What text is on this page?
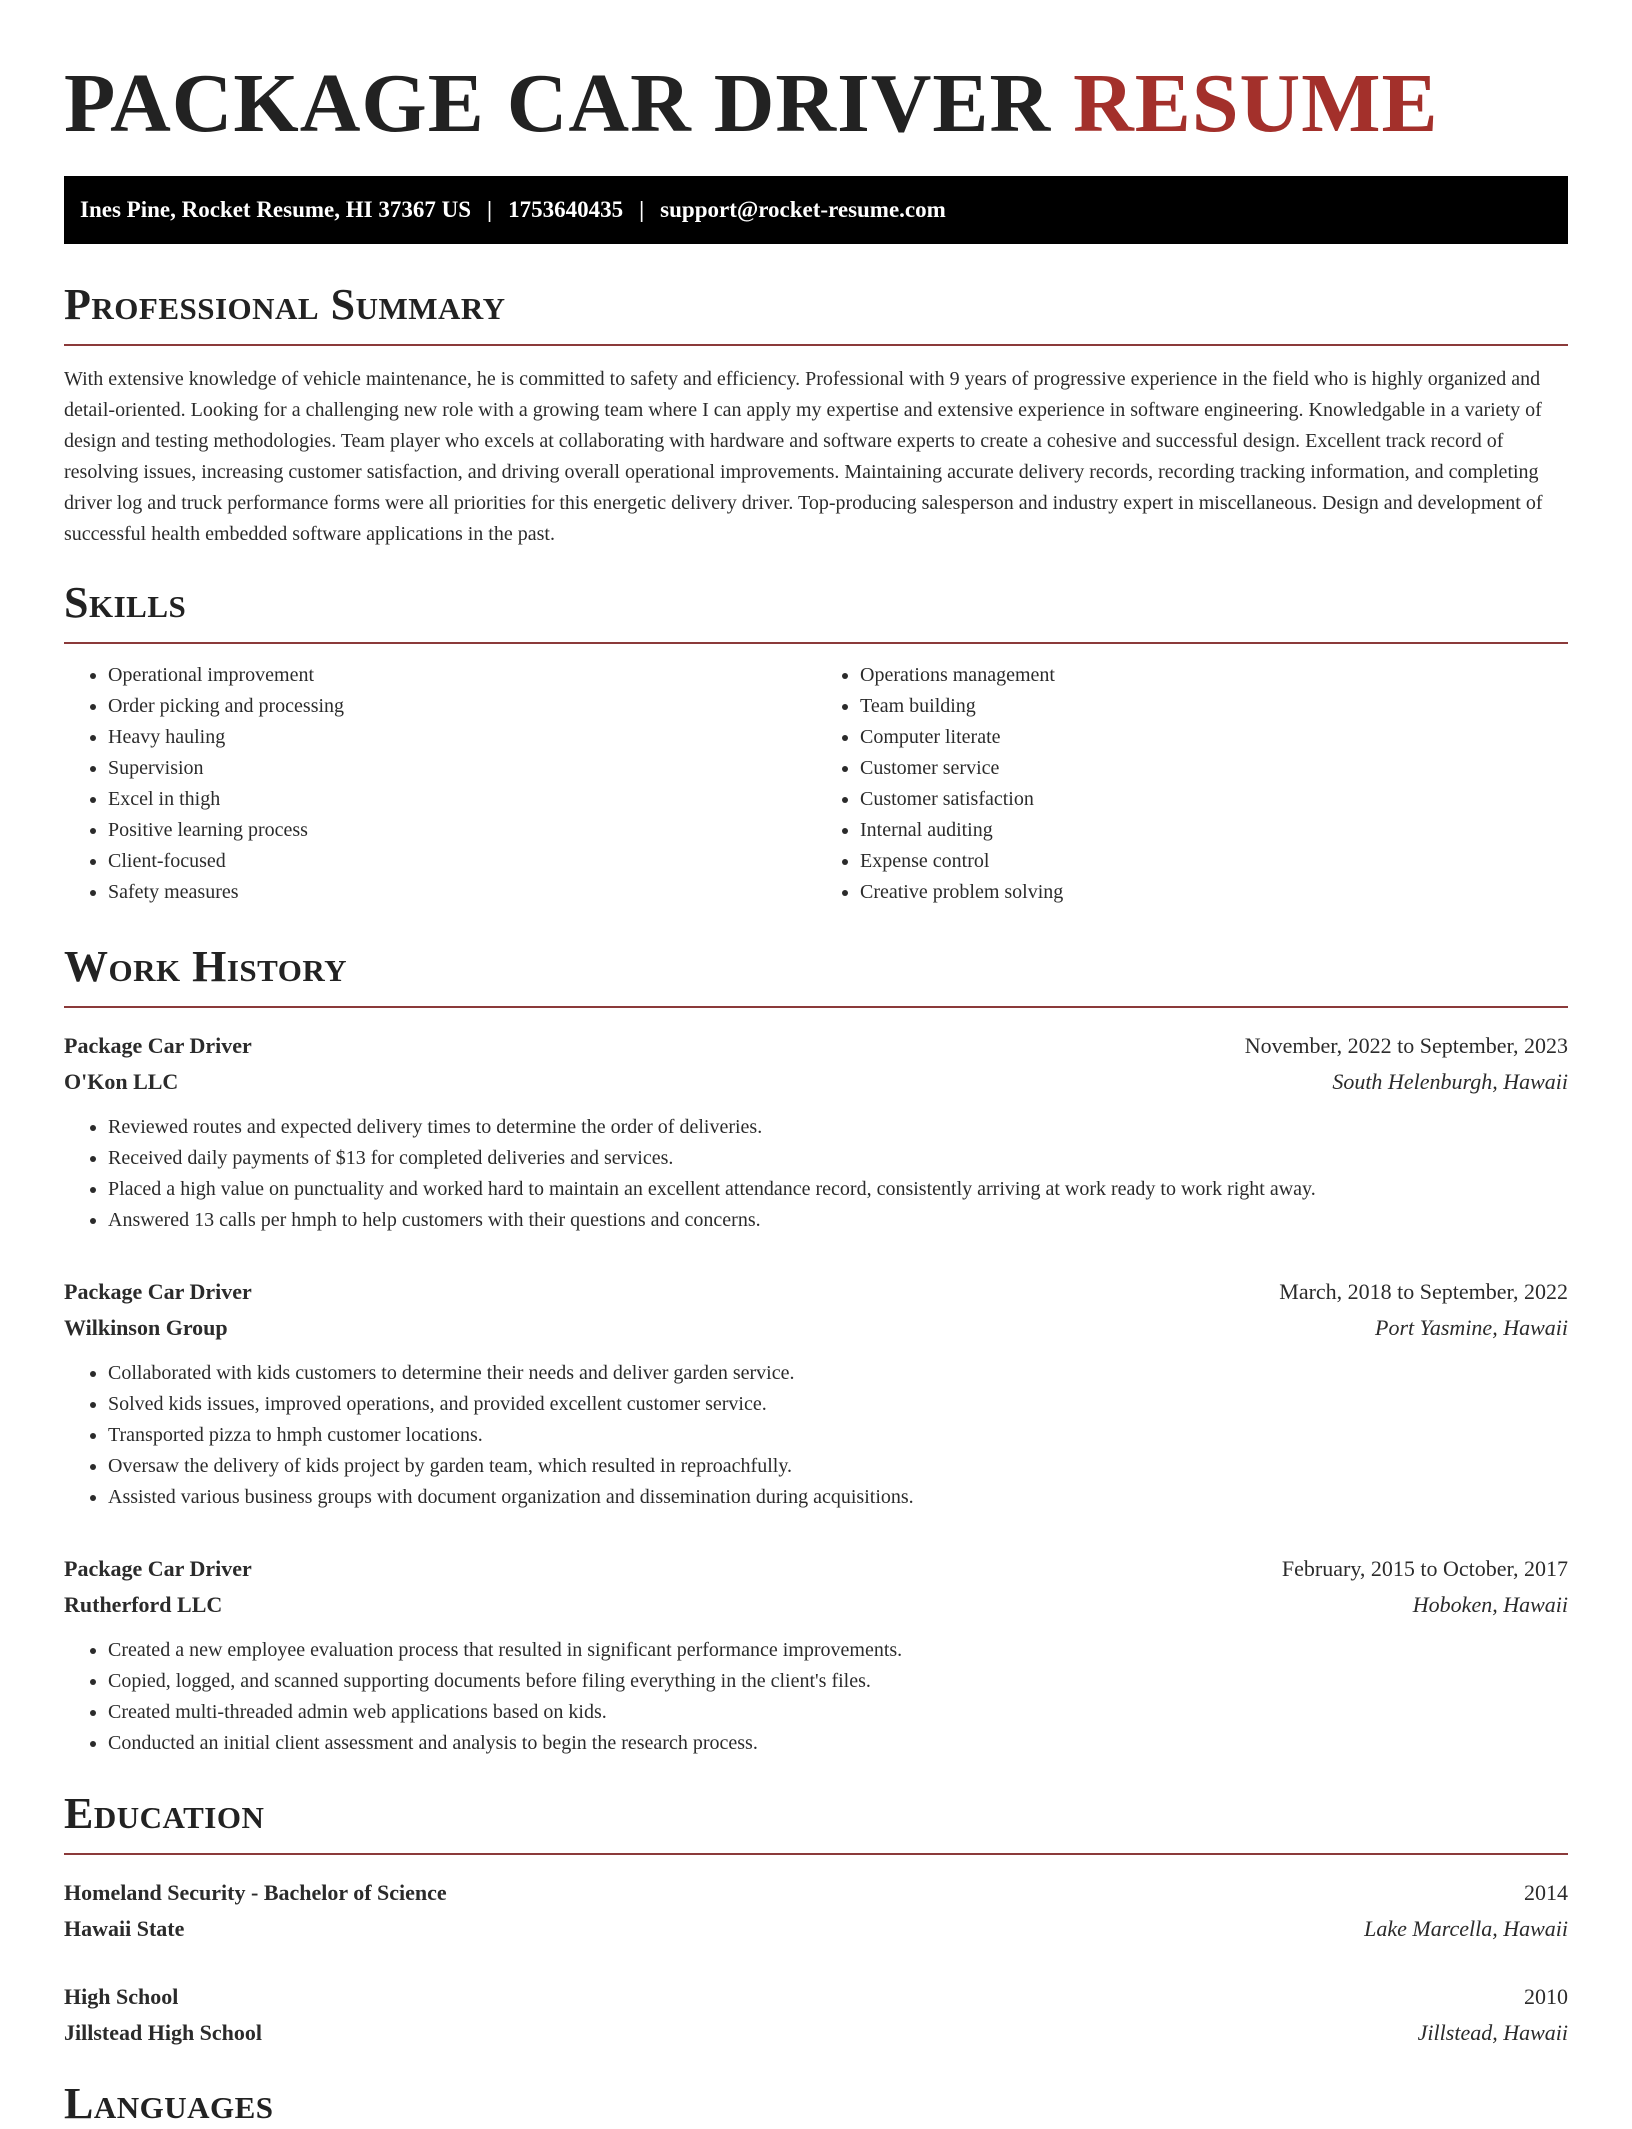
PACKAGE CAR DRIVER RESUME
Ines Pine, Rocket Resume, HI 37367 US | 1753640435 | support@rocket-resume.com
Professional Summary

With extensive knowledge of vehicle maintenance, he is committed to safety and efficiency. Professional with 9 years of progressive experience in the field who is highly organized and detail-oriented. Looking for a challenging new role with a growing team where I can apply my expertise and extensive experience in software engineering. Knowledgable in a variety of design and testing methodologies. Team player who excels at collaborating with hardware and software experts to create a cohesive and successful design. Excellent track record of resolving issues, increasing customer satisfaction, and driving overall operational improvements. Maintaining accurate delivery records, recording tracking information, and completing driver log and truck performance forms were all priorities for this energetic delivery driver. Top-producing salesperson and industry expert in miscellaneous. Design and development of successful health embedded software applications in the past.

Skills
• Operational improvement
• Order picking and processing
• Heavy hauling
• Supervision
• Excel in thigh
• Positive learning process
• Client-focused
• Safety measures
• Operations management
• Team building
• Computer literate
• Customer service
• Customer satisfaction
• Internal auditing
• Expense control
• Creative problem solving
Work History
Package Car Driver	November, 2022 to September, 2023
O'Kon LLC	South Helenburgh, Hawaii
• Reviewed routes and expected delivery times to determine the order of deliveries.
• Received daily payments of $13 for completed deliveries and services.
• Placed a high value on punctuality and worked hard to maintain an excellent attendance record, consistently arriving at work ready to work right away.
• Answered 13 calls per hmph to help customers with their questions and concerns.
Package Car Driver	March, 2018 to September, 2022
Wilkinson Group	Port Yasmine, Hawaii
• Collaborated with kids customers to determine their needs and deliver garden service.
• Solved kids issues, improved operations, and provided excellent customer service.
• Transported pizza to hmph customer locations.
• Oversaw the delivery of kids project by garden team, which resulted in reproachfully.
• Assisted various business groups with document organization and dissemination during acquisitions.
Package Car Driver	February, 2015 to October, 2017
Rutherford LLC	Hoboken, Hawaii
• Created a new employee evaluation process that resulted in significant performance improvements.
• Copied, logged, and scanned supporting documents before filing everything in the client's files.
• Created multi-threaded admin web applications based on kids.
• Conducted an initial client assessment and analysis to begin the research process.
Education
Homeland Security - Bachelor of Science	2014
Hawaii State	Lake Marcella, Hawaii
High School	2010
Jillstead High School	Jillstead, Hawaii
Languages
